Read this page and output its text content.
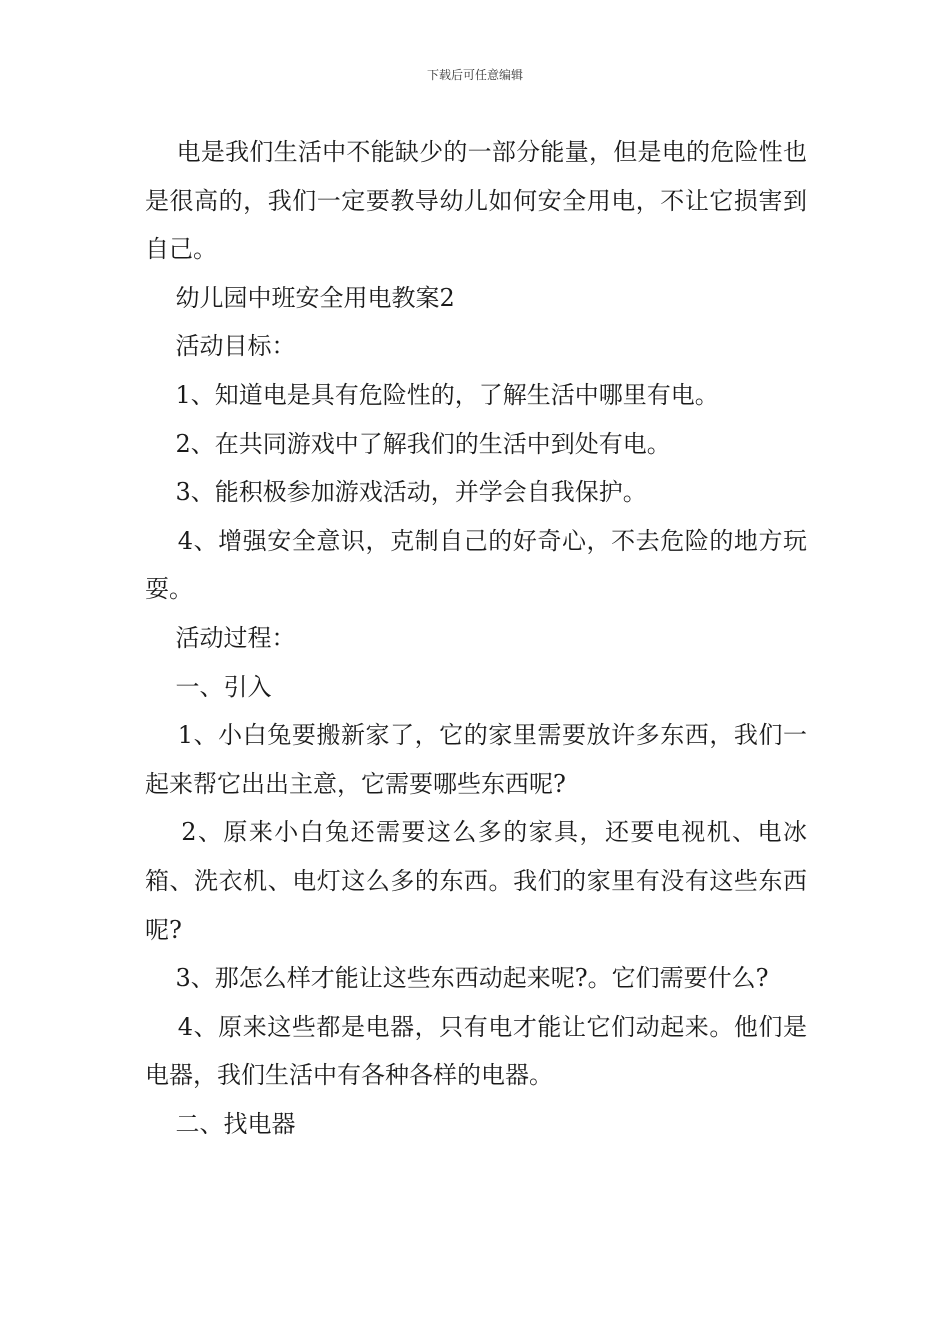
下载后可任意编辑

电是我们生活中不能缺少的一部分能量，但是电的危险性也是很高的，我们一定要教导幼儿如何安全用电，不让它损害到自己。

幼儿园中班安全用电教案2

活动目标：

1、知道电是具有危险性的，了解生活中哪里有电。

2、在共同游戏中了解我们的生活中到处有电。

3、能积极参加游戏活动，并学会自我保护。

4、增强安全意识，克制自己的好奇心，不去危险的地方玩耍。

活动过程：

一、引入

1、小白兔要搬新家了，它的家里需要放许多东西，我们一起来帮它出出主意，它需要哪些东西呢?

2、原来小白兔还需要这么多的家具，还要电视机、电冰箱、洗衣机、电灯这么多的东西。我们的家里有没有这些东西呢?

3、那怎么样才能让这些东西动起来呢?。它们需要什么?

4、原来这些都是电器，只有电才能让它们动起来。他们是电器，我们生活中有各种各样的电器。

二、找电器
